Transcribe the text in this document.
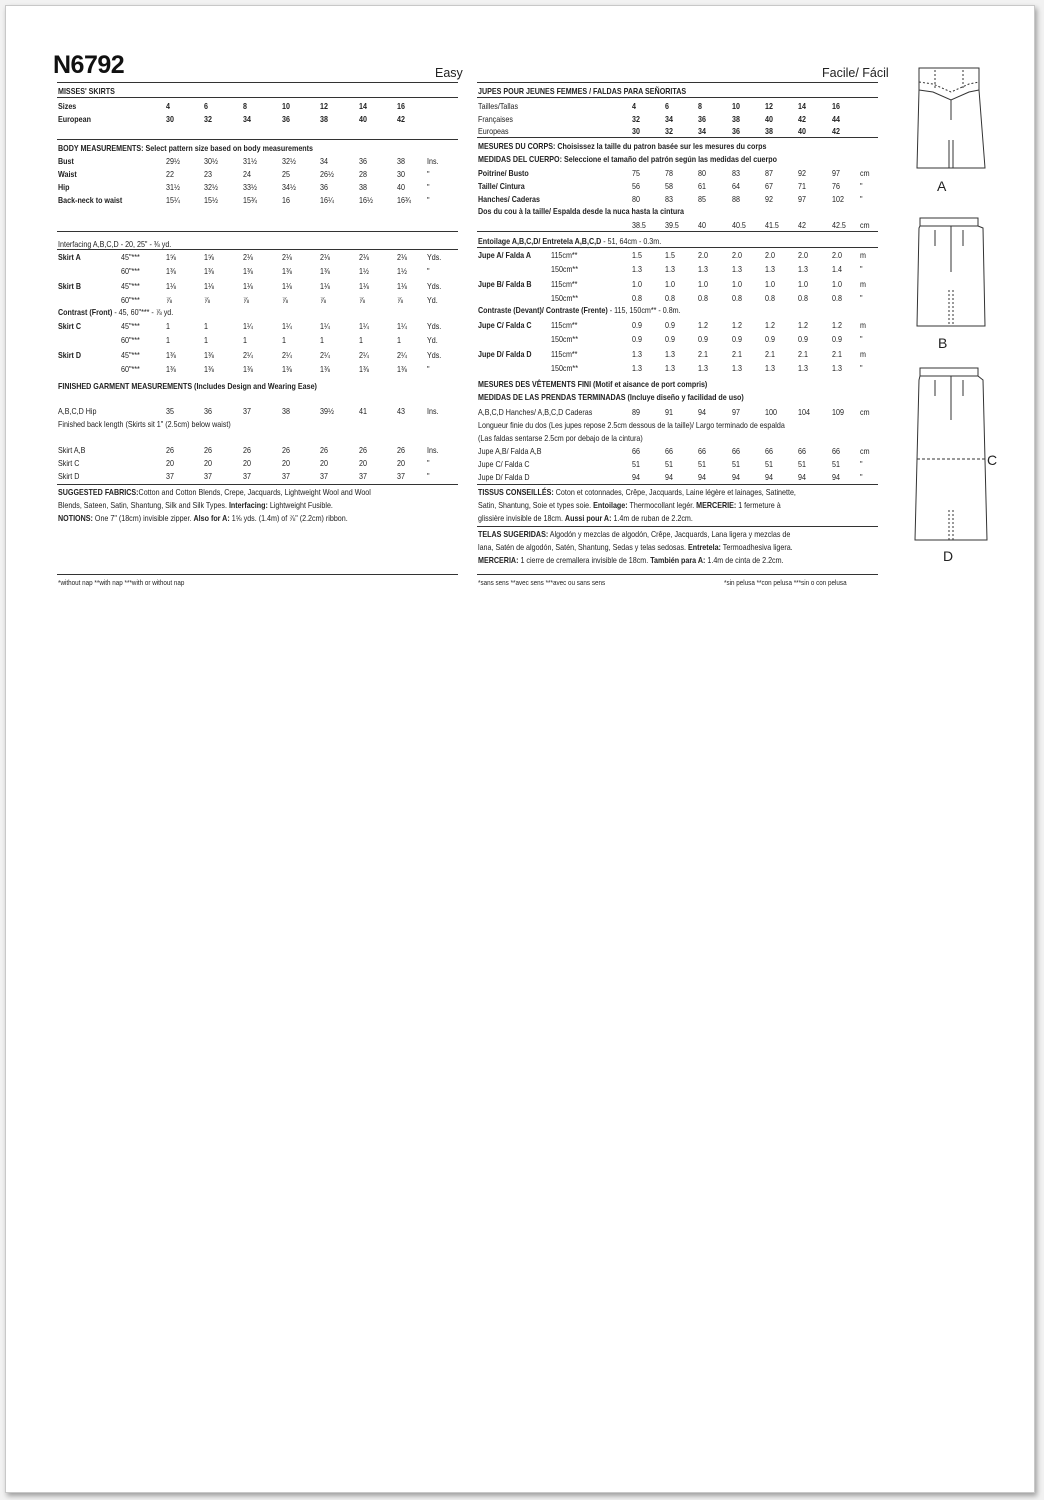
N6792	Easy	Facile/ Fácil
MISSES' SKIRTS	JUPES POUR JEUNES FEMMES / FALDAS PARA SEÑORITAS
Sizes	4	6	8	10	12	14	16
European	30	32	34	36	38	40	42
BODY MEASUREMENTS: Select pattern size based on body measurements
Bust	29½	30½	31½	32½	34	36	38	Ins.
Waist	22	23	24	25	26½	28	30	"
Hip	31½	32½	33½	34½	36	38	40	"
Back-neck to waist	15¼	15½	15¾	16	16¼	16½	16¾ "
Interfacing A,B,C,D - 20, 25" - ⅜ yd.
Skirt A	45"***	1⅝	1⅝	2⅛	2⅛	2⅛	2⅛	2⅛ Yds.
60"***	1⅜	1⅜	1⅜	1⅜	1⅜	1½	1½ "
Skirt B	45"***	1⅛	1⅛	1⅛	1⅛	1⅛	1⅛	1⅛ Yds.
60"***	⅞	⅞	⅞	⅞	⅞	⅞	⅞	Yd.
Skirt C	45"***	1	1	1¼	1¼	1¼	1¼	1¼ Yds.
60"***	1	1	1	1	1	1	1	Yd.
Skirt D	45"***	1⅜	1⅜	2¼	2¼	2¼	2¼	2¼ Yds.
60"***	1⅜	1⅜	1⅜	1⅜	1⅜	1⅜	1⅜ "
Contrast (Front) - 45, 60"*** - ⅞ yd.
FINISHED GARMENT MEASUREMENTS (Includes Design and Wearing Ease)
A,B,C,D Hip	35	36	37	38	39½	41	43	Ins.
Finished back length (Skirts sit 1" (2.5cm) below waist)
Skirt A,B	26	26	26	26	26	26	26	Ins.
Skirt C	20	20	20	20	20	20	20	"
Skirt D	37	37	37	37	37	37	37	"
SUGGESTED FABRICS:Cotton and Cotton Blends, Crepe, Jacquards, Lightweight Wool and Wool
Blends, Sateen, Satin, Shantung, Silk and Silk Types. Interfacing: Lightweight Fusible.
NOTIONS: One 7" (18cm) invisible zipper. Also for A: 1⅝ yds. (1.4m) of ⅞" (2.2cm) ribbon.
*without nap **with nap ***with or without nap
Tailles/Tallas	4	6	8	10	12	14	16
Françaises	32	34	36	38	40	42	44
Europeas	30	32	34	36	38	40	42
MESURES DU CORPS: Choisissez la taille du patron basée sur les mesures du corps
MEDIDAS DEL CUERPO: Seleccione el tamaño del patrón según las medidas del cuerpo
Poitrine/ Busto	75	78	80	83	87	92	97 cm
Taille/ Cintura	56	58	61	64	67	71	76 "
Hanches/ Caderas	80	83	85	88	92	97	102 "
Dos du cou à la taille/ Espalda desde la nuca hasta la cintura
38.5 39.5 40	40.5 41.5 42	42.5 cm
Entoilage A,B,C,D/ Entretela A,B,C,D - 51, 64cm - 0.3m.
Jupe A/ Falda A 115cm**	1.5	1.5	2.0	2.0	2.0	2.0	2.0 m
150cm**	1.3	1.3	1.3	1.3	1.3	1.3	1.4 "
Jupe B/ Falda B 115cm**	1.0	1.0	1.0	1.0	1.0	1.0	1.0 m
150cm**	0.8	0.8	0.8	0.8	0.8	0.8	0.8 "
Jupe C/ Falda C 115cm**	0.9	0.9	1.2	1.2	1.2	1.2	1.2 m
150cm**	0.9	0.9	0.9	0.9	0.9	0.9	0.9 "
Jupe D/ Falda D 115cm**	1.3	1.3	2.1	2.1	2.1	2.1	2.1 m
150cm**	1.3	1.3	1.3	1.3	1.3	1.3	1.3 "
Contraste (Devant)/ Contraste (Frente) - 115, 150cm** - 0.8m.
MESURES DES VÊTEMENTS FINI (Motif et aisance de port compris)
MEDIDAS DE LAS PRENDAS TERMINADAS (Incluye diseño y facilidad de uso)
A,B,C,D Hanches/ A,B,C,D Caderas	89	91	94	97	100 104	109 cm
Longueur finie du dos (Les jupes repose 2.5cm dessous de la taille)/ Largo terminado de espalda
(Las faldas sentarse 2.5cm por debajo de la cintura)
Jupe A,B/ Falda A,B	66	66	66	66	66	66	66 cm
Jupe C/ Falda C	51	51	51	51	51	51	51 "
Jupe D/ Falda D	94	94	94	94	94	94	94 "
TISSUS CONSEILLÉS: Coton et cotonnades, Crêpe, Jacquards, Laine légère et lainages, Satinette,
Satin, Shantung, Soie et types soie. Entoilage: Thermocollant legér. MERCERIE: 1 fermeture à
glissière invisible de 18cm. Aussi pour A: 1.4m de ruban de 2.2cm.
TELAS SUGERIDAS: Algodón y mezclas de algodón, Crêpe, Jacquards, Lana ligera y mezclas de
lana, Satén de algodón, Satén, Shantung, Sedas y telas sedosas. Entretela: Termoadhesiva ligera.
MERCERIA: 1 cierre de cremallera invisible de 18cm. También para A: 1.4m de cinta de 2.2cm.
*sans sens **avec sens ***avec ou sans sens	*sin pelusa **con pelusa ***sin o con pelusa
A
B
C
D
